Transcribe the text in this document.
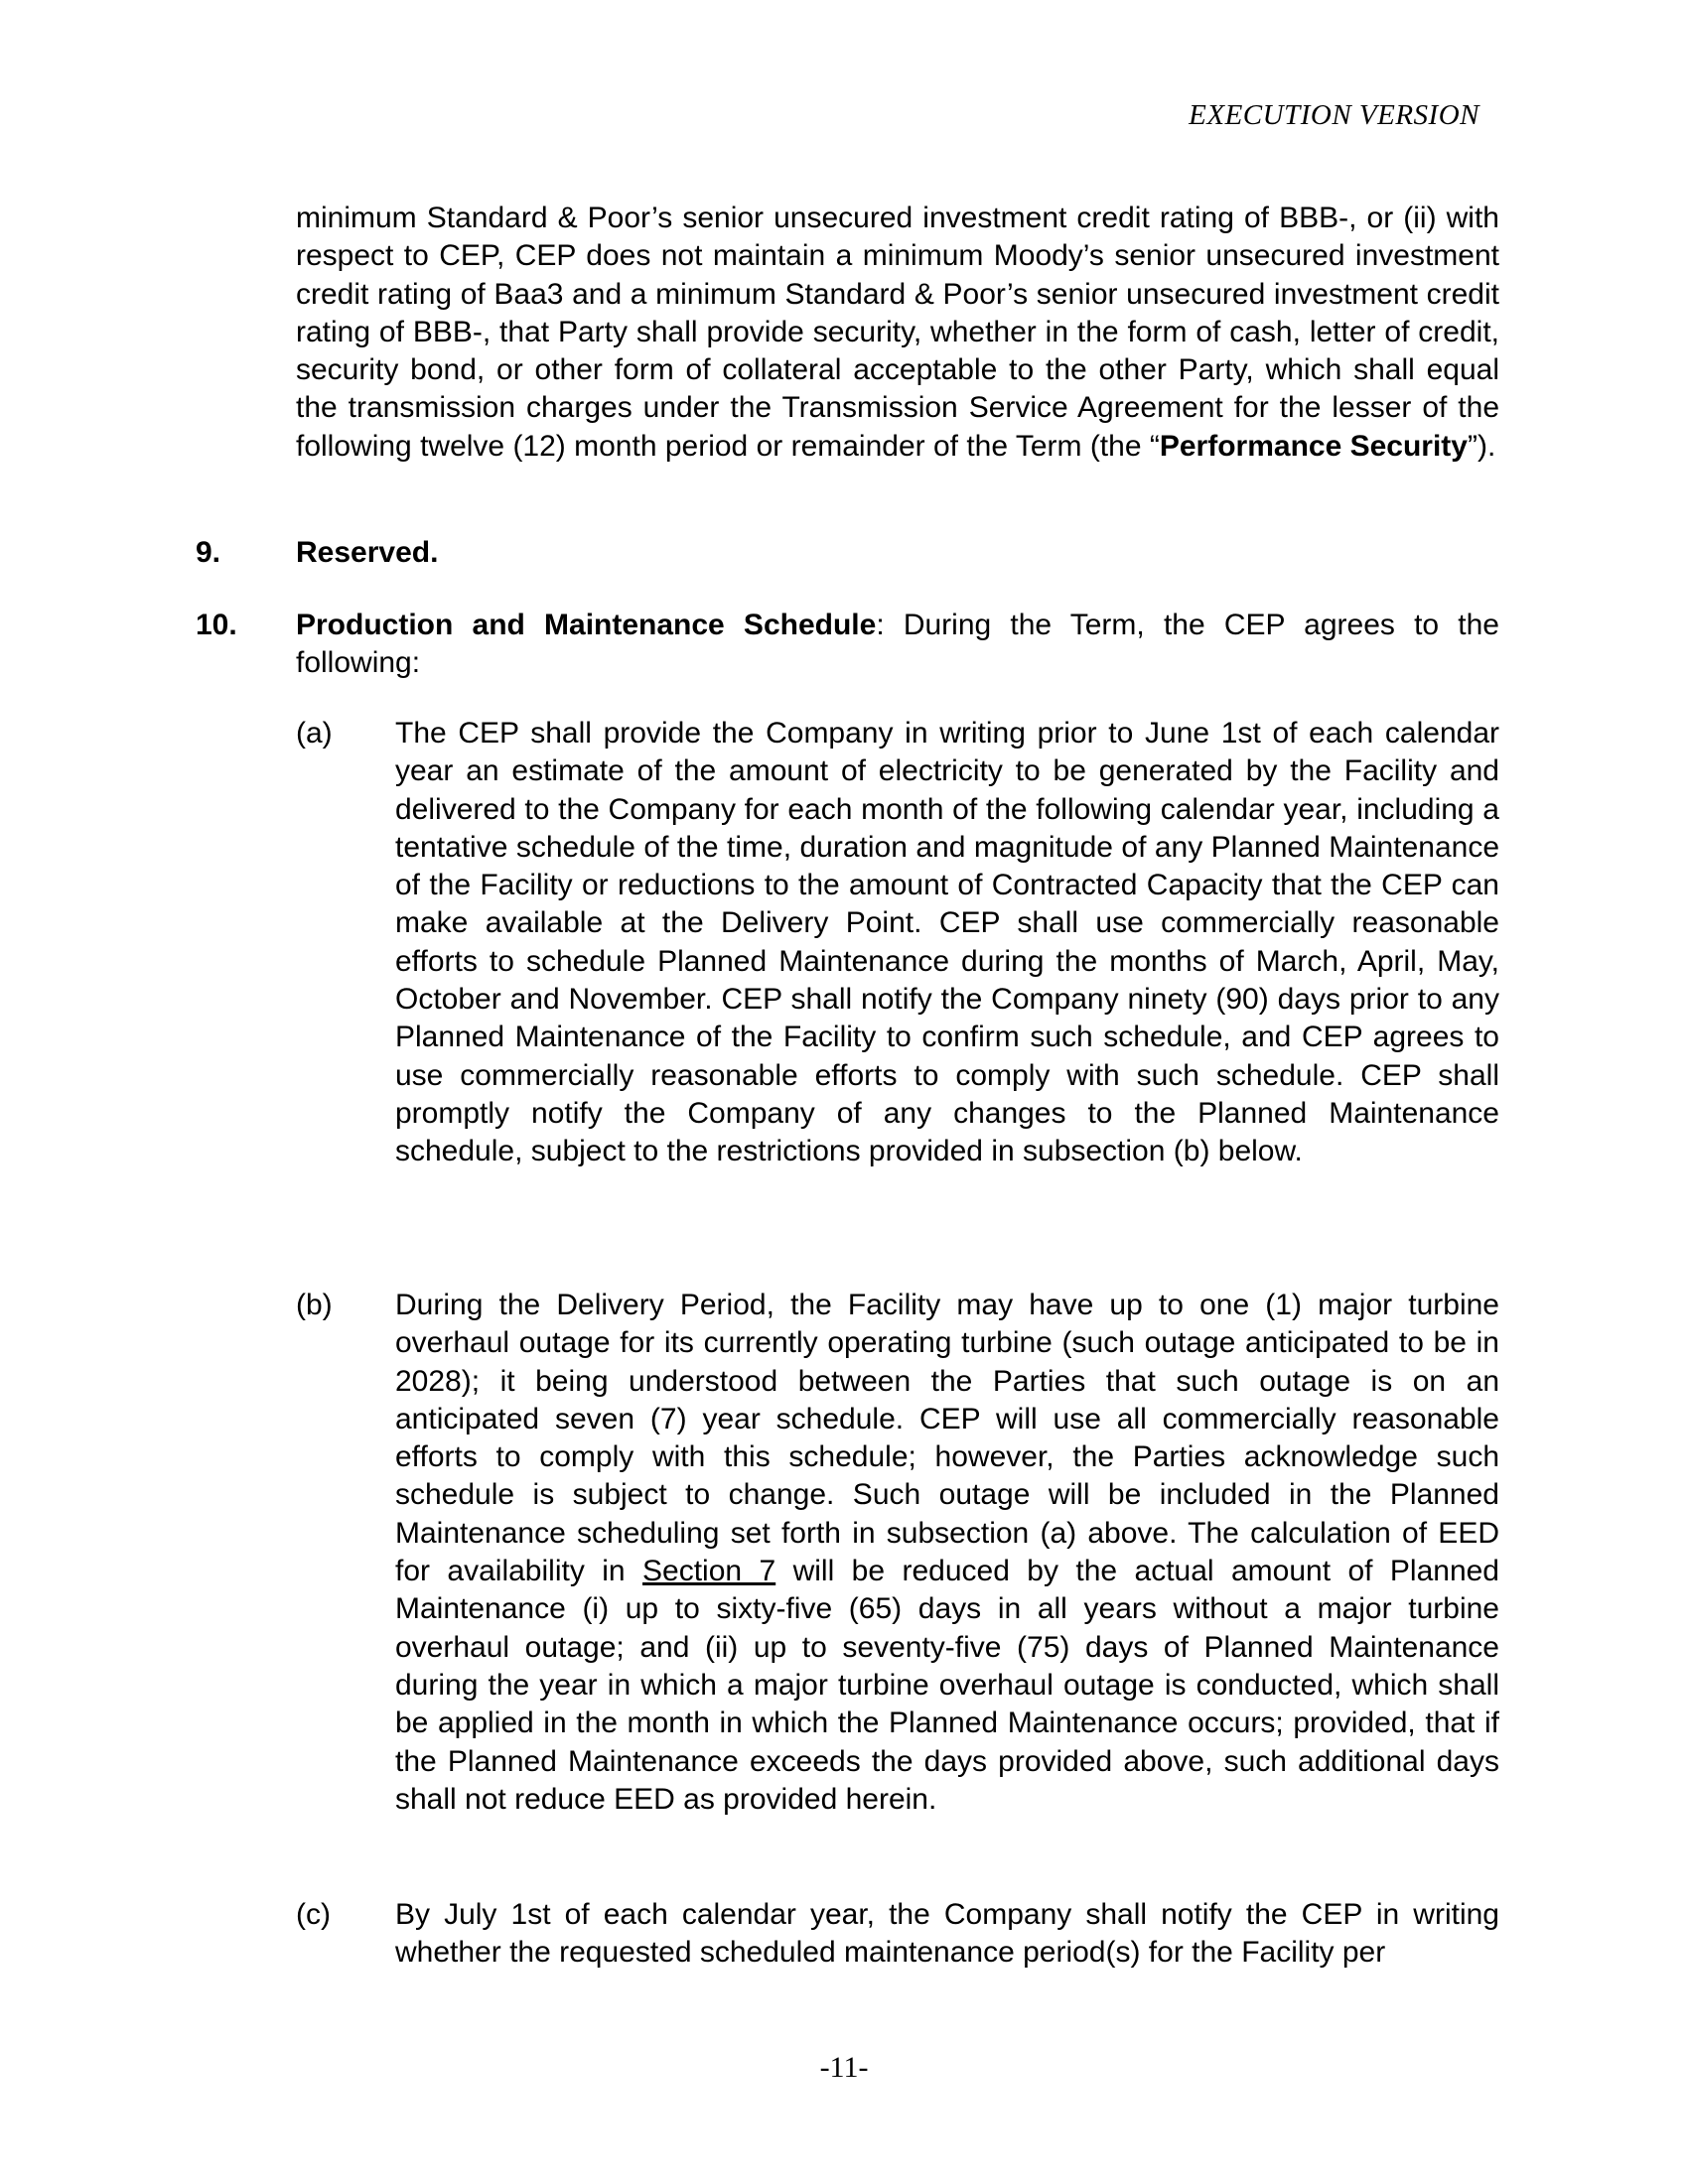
EXECUTION VERSION
minimum Standard & Poor’s senior unsecured investment credit rating of BBB-, or (ii) with respect to CEP, CEP does not maintain a minimum Moody’s senior unsecured investment credit rating of Baa3 and a minimum Standard & Poor’s senior unsecured investment credit rating of BBB-, that Party shall provide security, whether in the form of cash, letter of credit, security bond, or other form of collateral acceptable to the other Party, which shall equal the transmission charges under the Transmission Service Agreement for the lesser of the following twelve (12) month period or remainder of the Term (the “Performance Security”).
9.	Reserved.
10. Production and Maintenance Schedule: During the Term, the CEP agrees to the following:
(a) The CEP shall provide the Company in writing prior to June 1st of each calendar year an estimate of the amount of electricity to be generated by the Facility and delivered to the Company for each month of the following calendar year, including a tentative schedule of the time, duration and magnitude of any Planned Maintenance of the Facility or reductions to the amount of Contracted Capacity that the CEP can make available at the Delivery Point. CEP shall use commercially reasonable efforts to schedule Planned Maintenance during the months of March, April, May, October and November. CEP shall notify the Company ninety (90) days prior to any Planned Maintenance of the Facility to confirm such schedule, and CEP agrees to use commercially reasonable efforts to comply with such schedule. CEP shall promptly notify the Company of any changes to the Planned Maintenance schedule, subject to the restrictions provided in subsection (b) below.
(b) During the Delivery Period, the Facility may have up to one (1) major turbine overhaul outage for its currently operating turbine (such outage anticipated to be in 2028); it being understood between the Parties that such outage is on an anticipated seven (7) year schedule. CEP will use all commercially reasonable efforts to comply with this schedule; however, the Parties acknowledge such schedule is subject to change. Such outage will be included in the Planned Maintenance scheduling set forth in subsection (a) above. The calculation of EED for availability in Section 7 will be reduced by the actual amount of Planned Maintenance (i) up to sixty-five (65) days in all years without a major turbine overhaul outage; and (ii) up to seventy-five (75) days of Planned Maintenance during the year in which a major turbine overhaul outage is conducted, which shall be applied in the month in which the Planned Maintenance occurs; provided, that if the Planned Maintenance exceeds the days provided above, such additional days shall not reduce EED as provided herein.
(c) By July 1st of each calendar year, the Company shall notify the CEP in writing whether the requested scheduled maintenance period(s) for the Facility per
-11-
